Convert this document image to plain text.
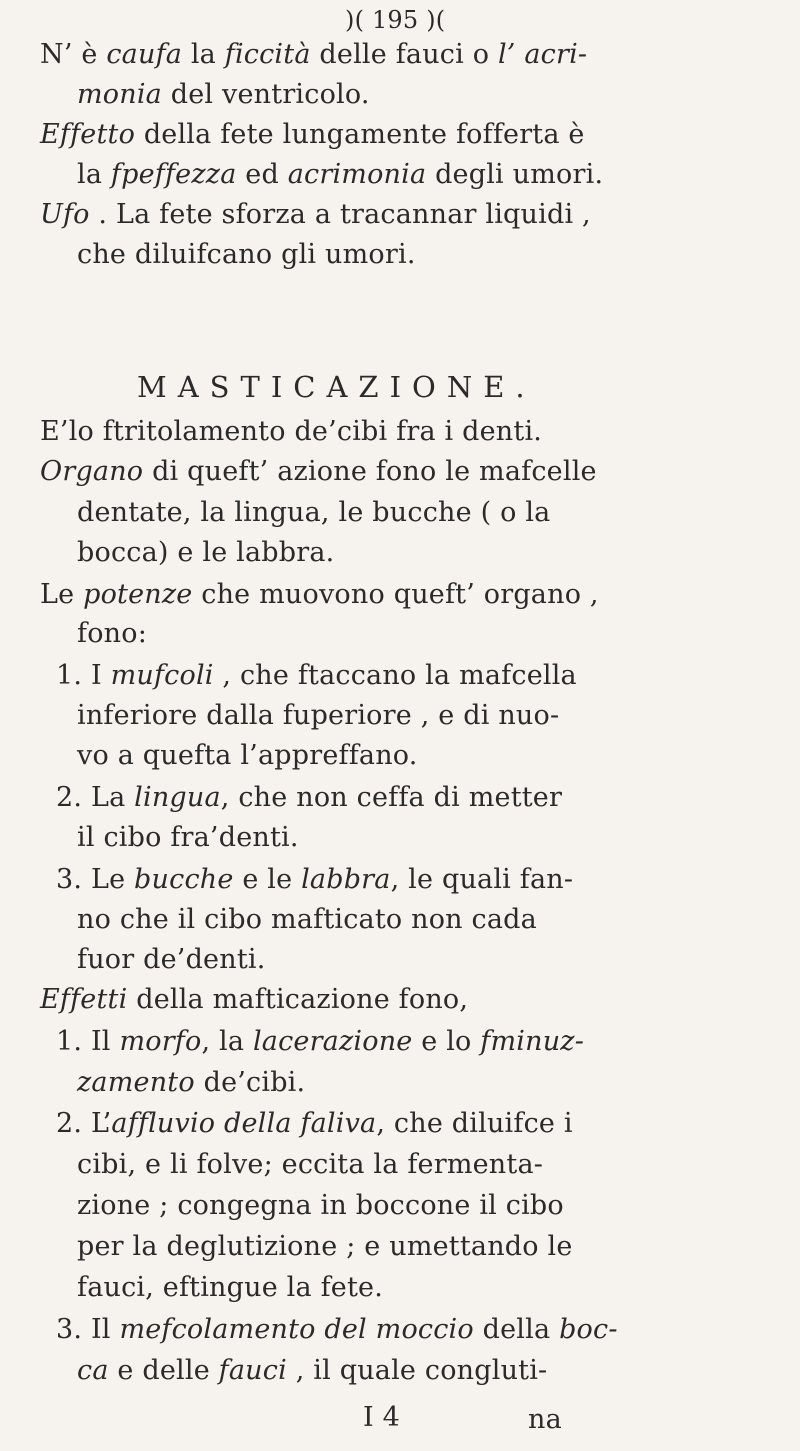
)( 195 )(
N’ è caufa la ficcità delle fauci o l’ acri-
monia del ventricolo.
Effetto della fete lungamente fofferta è
la fpeffezza ed acrimonia degli umori.
Ufo . La fete sforza a tracannar liquidi ,
che diluifcano gli umori.
MASTICAZIONE.
E’lo ftritolamento de’cibi fra i denti.
Organo di queft’ azione fono le mafcelle
dentate, la lingua, le bucche ( o la
bocca) e le labbra.
Le potenze che muovono queft’ organo ,
fono:
1. I mufcoli , che ftaccano la mafcella
inferiore dalla fuperiore , e di nuo-
vo a quefta l’appreffano.
2. La lingua, che non ceffa di metter
il cibo fra’denti.
3. Le bucche e le labbra, le quali fan-
no che il cibo mafticato non cada
fuor de’denti.
Effetti della mafticazione fono,
1. Il morfo, la lacerazione e lo fminuz-
zamento de’cibi.
2. L’affluvio della faliva, che diluifce i
cibi, e li folve; eccita la fermenta-
zione ; congegna in boccone il cibo
per la deglutizione ; e umettando le
fauci, eftingue la fete.
3. Il mefcolamento del moccio della boc-
ca e delle fauci , il quale congluti-
I 4	na
